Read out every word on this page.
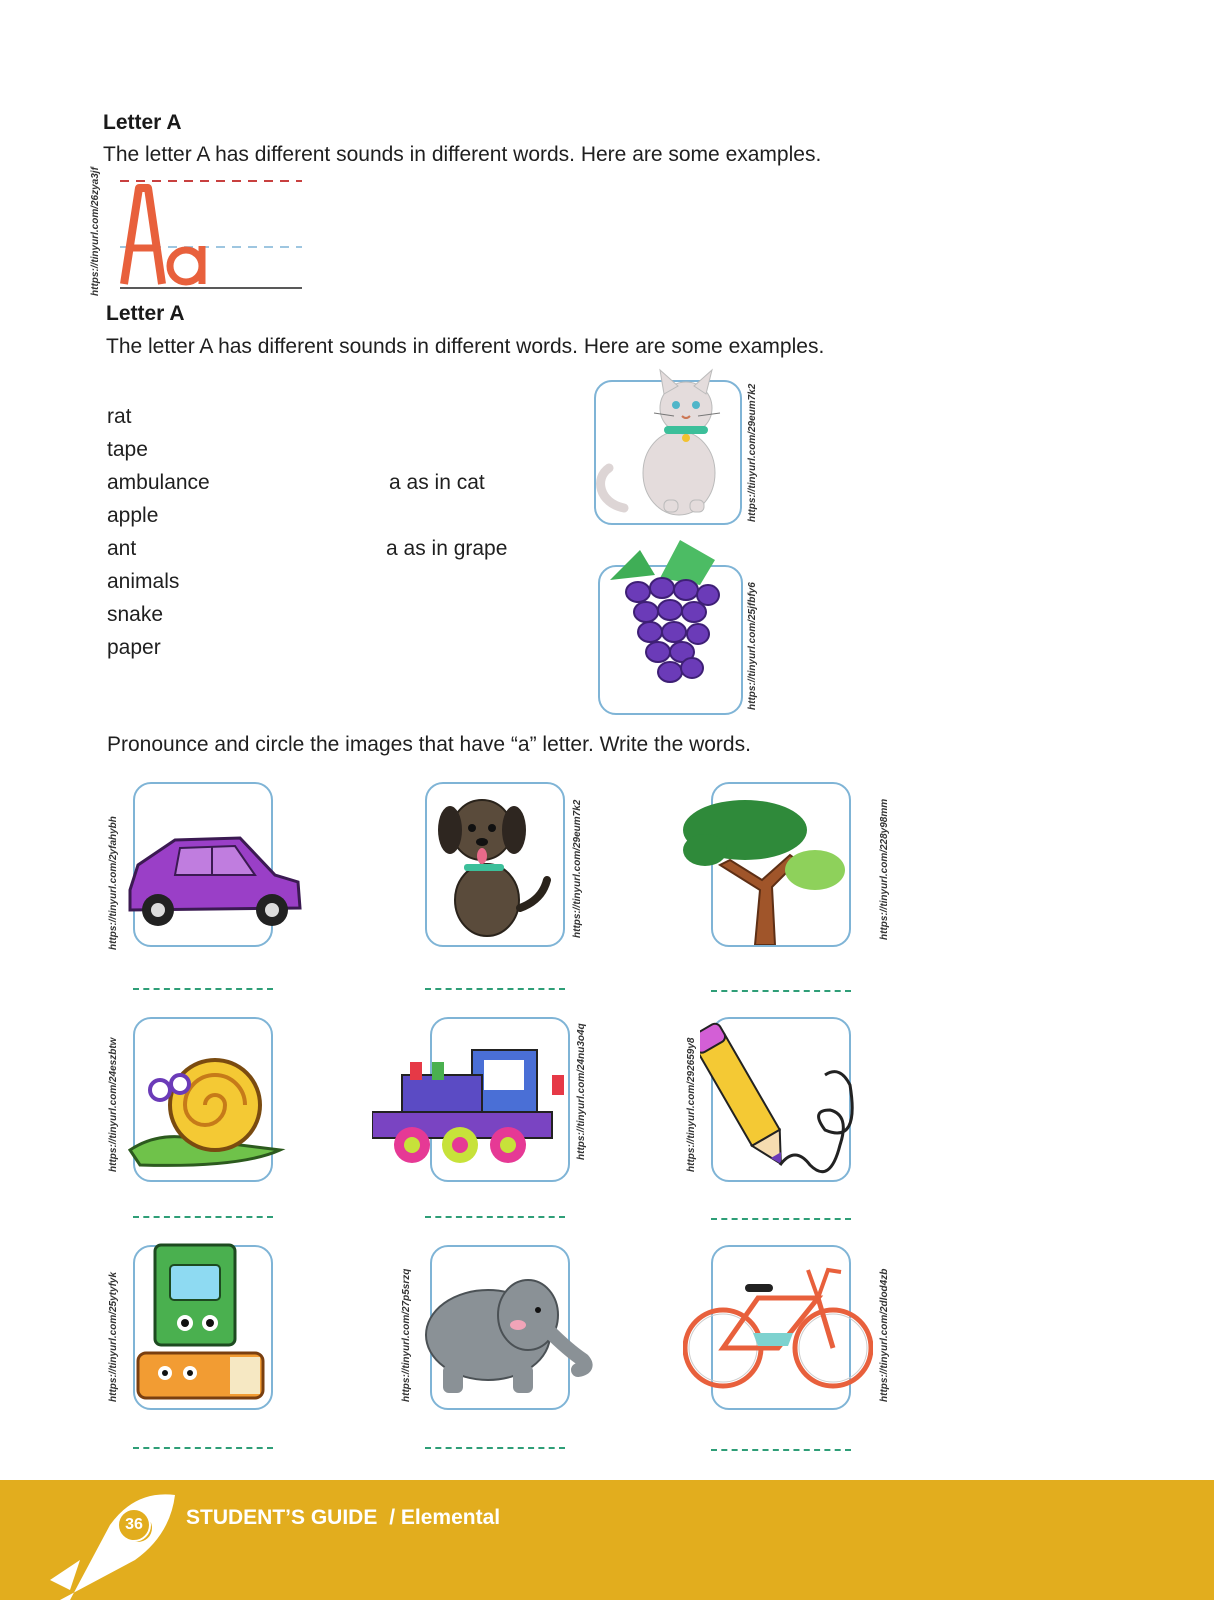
Letter A
The letter A has different sounds in different words. Here are some examples.
https://tinyurl.com/26zya3jf
Letter A
The letter A has different sounds in different words. Here are some examples.
rat
tape
ambulance
apple
ant
animals
snake
paper
a as in cat
a as in grape
https://tinyurl.com/29eum7k2
https://tinyurl.com/25jfbfy6
Pronounce and circle the images that have “a” letter. Write the words.
https://tinyurl.com/2yfahybh	https://tinyurl.com/29eum7k2	https://tinyurl.com/228y98mm
https://tinyurl.com/24eszbtw	https://tinyurl.com/24nu3o4q	https://tinyurl.com/292659y8
https://tinyurl.com/25ytyfyk	https://tinyurl.com/27p5srzq	https://tinyurl.com/2dlod4zb
36	STUDENT’S GUIDE / Elemental
